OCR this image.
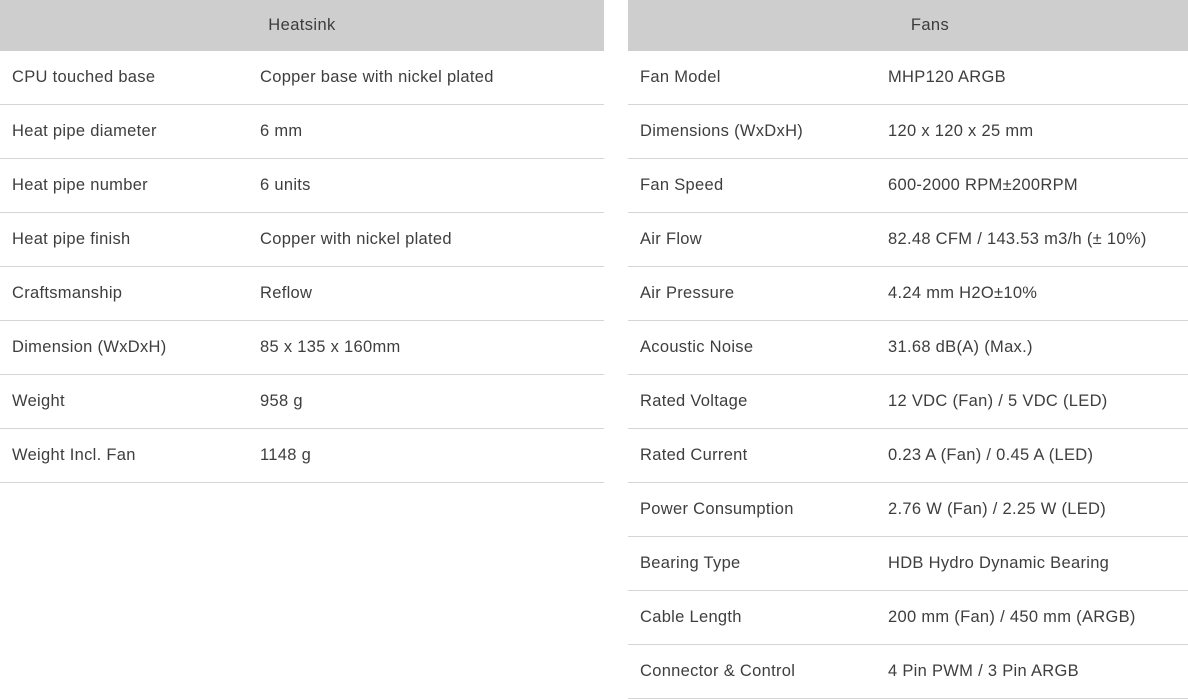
Heatsink
CPU touched base	Copper base with nickel plated
Heat pipe diameter	6 mm
Heat pipe number	6 units
Heat pipe finish	Copper with nickel plated
Craftsmanship	Reflow
Dimension (WxDxH)	85 x 135 x 160mm
Weight	958 g
Weight Incl. Fan	1148 g
Fans
Fan Model	MHP120 ARGB
Dimensions (WxDxH)	120 x 120 x 25 mm
Fan Speed	600-2000 RPM±200RPM
Air Flow	82.48 CFM / 143.53 m3/h (± 10%)
Air Pressure	4.24 mm H2O±10%
Acoustic Noise	31.68 dB(A) (Max.)
Rated Voltage	12 VDC (Fan) / 5 VDC (LED)
Rated Current	0.23 A (Fan) / 0.45 A (LED)
Power Consumption	2.76 W (Fan) / 2.25 W (LED)
Bearing Type	HDB Hydro Dynamic Bearing
Cable Length	200 mm (Fan) / 450 mm (ARGB)
Connector & Control	4 Pin PWM / 3 Pin ARGB
